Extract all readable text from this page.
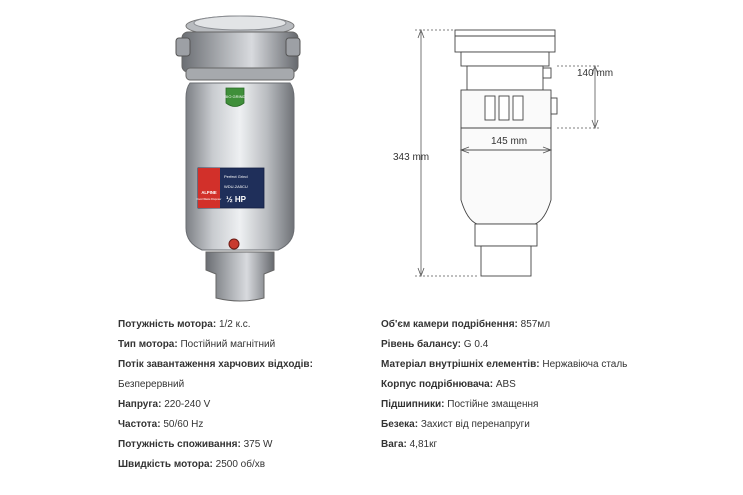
BIO GRIND
ALPINE
Food Waste Disposer
Perfect Grind
WDU-2A5CU
½ HP
343 mm
140 mm
145 mm
Потужність мотора: 1/2 к.с.
Тип мотора: Постійний магнітний
Потік завантаження харчових відходів:
Безперервний
Напруга: 220-240 V
Частота: 50/60 Hz
Потужність споживання: 375 W
Швидкість мотора: 2500 об/хв
Об'єм камери подрібнення: 857мл
Рівень балансу: G 0.4
Матеріал внутрішніх елементів: Нержавіюча сталь
Корпус подрібнювача: ABS
Підшипники: Постійне змащення
Безека: Захист від перенапруги
Вага: 4,81кг
